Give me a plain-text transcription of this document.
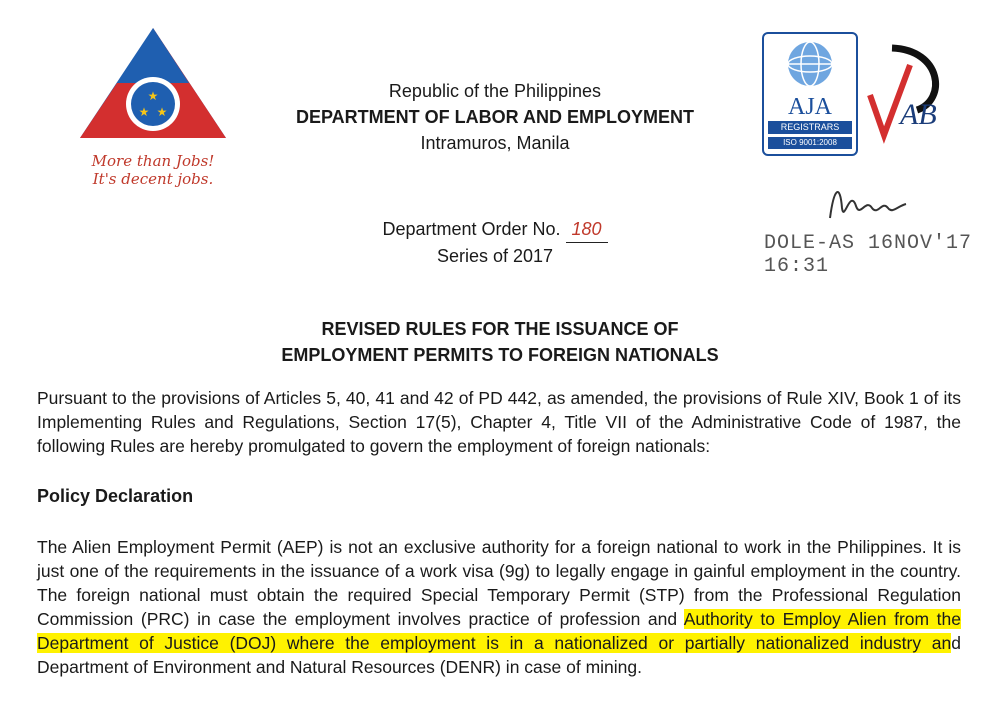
★
★ ★
More than Jobs!
It's decent jobs.
Republic of the Philippines
DEPARTMENT OF LABOR AND EMPLOYMENT
Intramuros, Manila
AJA
REGISTRARS
ISO 9001:2008
AB
DOLE-AS 16NOV'17 16:31
Department Order No. 180
Series of 2017
REVISED RULES FOR THE ISSUANCE OF
EMPLOYMENT PERMITS TO FOREIGN NATIONALS
Pursuant to the provisions of Articles 5, 40, 41 and 42 of PD 442, as amended, the provisions of Rule XIV, Book 1 of its Implementing Rules and Regulations, Section 17(5), Chapter 4, Title VII of the Administrative Code of 1987, the following Rules are hereby promulgated to govern the employment of foreign nationals:
Policy Declaration
The Alien Employment Permit (AEP) is not an exclusive authority for a foreign national to work in the Philippines. It is just one of the requirements in the issuance of a work visa (9g) to legally engage in gainful employment in the country. The foreign national must obtain the required Special Temporary Permit (STP) from the Professional Regulation Commission (PRC) in case the employment involves practice of profession and Authority to Employ Alien from the Department of Justice (DOJ) where the employment is in a nationalized or partially nationalized industry and Department of Environment and Natural Resources (DENR) in case of mining.
